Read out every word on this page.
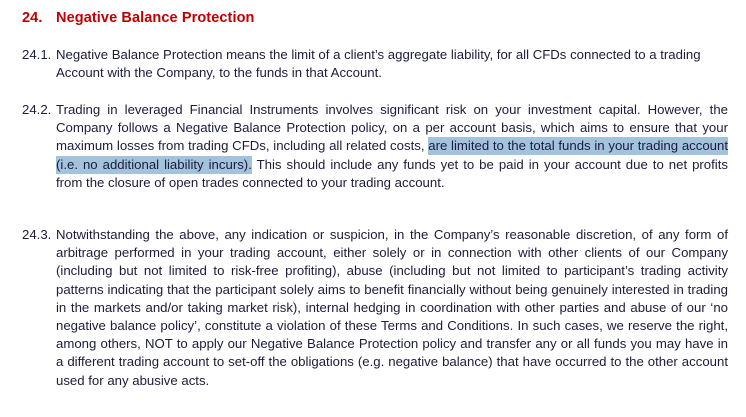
24. Negative Balance Protection
24.1. Negative Balance Protection means the limit of a client’s aggregate liability, for all CFDs connected to a trading Account with the Company, to the funds in that Account.
24.2. Trading in leveraged Financial Instruments involves significant risk on your investment capital. However, the Company follows a Negative Balance Protection policy, on a per account basis, which aims to ensure that your maximum losses from trading CFDs, including all related costs, are limited to the total funds in your trading account (i.e. no additional liability incurs). This should include any funds yet to be paid in your account due to net profits from the closure of open trades connected to your trading account.
24.3. Notwithstanding the above, any indication or suspicion, in the Company’s reasonable discretion, of any form of arbitrage performed in your trading account, either solely or in connection with other clients of our Company (including but not limited to risk-free profiting), abuse (including but not limited to participant’s trading activity patterns indicating that the participant solely aims to benefit financially without being genuinely interested in trading in the markets and/or taking market risk), internal hedging in coordination with other parties and abuse of our ‘no negative balance policy’, constitute a violation of these Terms and Conditions. In such cases, we reserve the right, among others, NOT to apply our Negative Balance Protection policy and transfer any or all funds you may have in a different trading account to set-off the obligations (e.g. negative balance) that have occurred to the other account used for any abusive acts.
